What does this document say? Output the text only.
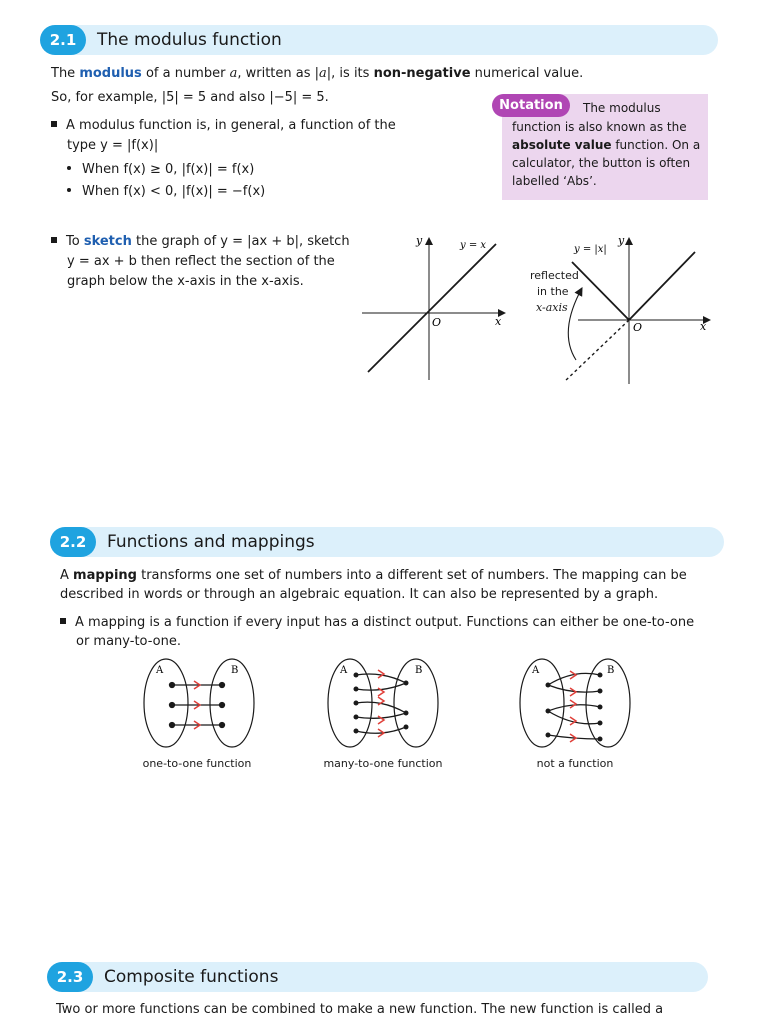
2.1	The modulus function
The modulus of a number a, written as |a|, is its non-negative numerical value.
So, for example, |5| = 5 and also |−5| = 5.
A modulus function is, in general, a function of the
type y = |f(x)|
When f(x) ≥ 0, |f(x)| = f(x)
When f(x) < 0, |f(x)| = −f(x)
Notation	The modulus
function is also known as the
absolute value function. On a
calculator, the button is often
labelled ‘Abs’.
To sketch the graph of y = |ax + b|, sketch
y = ax + b then reflect the section of the
graph below the x-axis in the x-axis.
y
x
O
y = x	y
x
O
y = |x|
reflected
in the
x-axis
2.2	Functions and mappings
A mapping transforms one set of numbers into a different set of numbers. The mapping can be
described in words or through an algebraic equation. It can also be represented by a graph.
A mapping is a function if every input has a distinct output. Functions can either be one-to-one
or many-to-one.
A	B
one-to-one function
A	B
many-to-one function
A	B
not a function
2.3	Composite functions
Two or more functions can be combined to make a new function. The new function is called a
